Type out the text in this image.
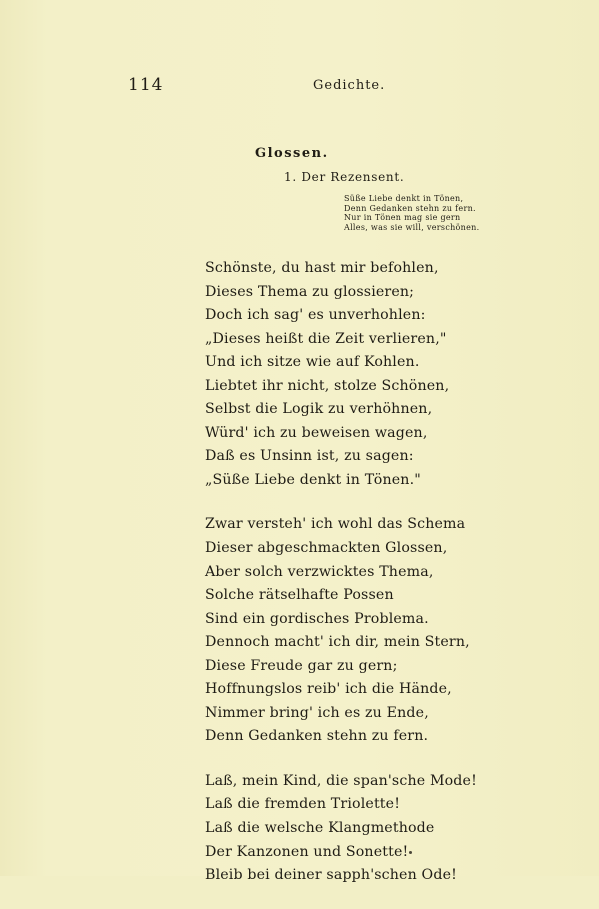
114	Gedichte.
Glossen.
1. Der Rezensent.
Süße Liebe denkt in Tönen,
Denn Gedanken stehn zu fern.
Nur in Tönen mag sie gern
Alles, was sie will, verschönen.
Schönste, du hast mir befohlen,
Dieses Thema zu glossieren;
Doch ich sag' es unverhohlen:
„Dieses heißt die Zeit verlieren,"
Und ich sitze wie auf Kohlen.
Liebtet ihr nicht, stolze Schönen,
Selbst die Logik zu verhöhnen,
Würd' ich zu beweisen wagen,
Daß es Unsinn ist, zu sagen:
„Süße Liebe denkt in Tönen."
Zwar versteh' ich wohl das Schema
Dieser abgeschmackten Glossen,
Aber solch verzwicktes Thema,
Solche rätselhafte Possen
Sind ein gordisches Problema.
Dennoch macht' ich dir, mein Stern,
Diese Freude gar zu gern;
Hoffnungslos reib' ich die Hände,
Nimmer bring' ich es zu Ende,
Denn Gedanken stehn zu fern.
Laß, mein Kind, die span'sche Mode!
Laß die fremden Triolette!
Laß die welsche Klangmethode
Der Kanzonen und Sonette!
Bleib bei deiner sapph'schen Ode!
